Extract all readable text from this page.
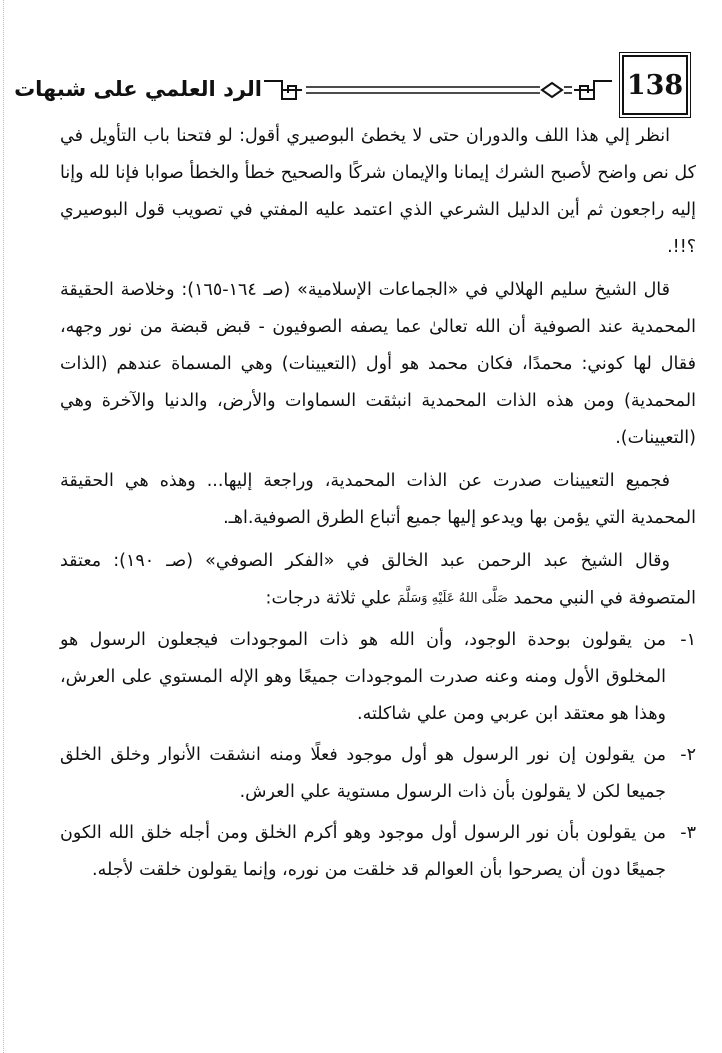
138
الرد العلمي على شبهات

انظر إلي هذا اللف والدوران حتى لا يخطئ البوصيري أقول: لو فتحنا باب التأويل في كل نص واضح لأصبح الشرك إيمانا والإيمان شركًا والصحيح خطأ والخطأ صوابا فإنا لله وإنا إليه راجعون ثم أين الدليل الشرعي الذي اعتمد عليه المفتي في تصويب قول البوصيري ؟!!.

قال الشيخ سليم الهلالي في «الجماعات الإسلامية» (صـ ١٦٤-١٦٥): وخلاصة الحقيقة المحمدية عند الصوفية أن الله تعالىٰ عما يصفه الصوفيون - قبض قبضة من نور وجهه، فقال لها كوني: محمدًا، فكان محمد هو أول (التعيينات) وهي المسماة عندهم (الذات المحمدية) ومن هذه الذات المحمدية انبثقت السماوات والأرض، والدنيا والآخرة وهي (التعيينات).

فجميع التعيينات صدرت عن الذات المحمدية، وراجعة إليها... وهذه هي الحقيقة المحمدية التي يؤمن بها ويدعو إليها جميع أتباع الطرق الصوفية.اهـ.

وقال الشيخ عبد الرحمن عبد الخالق في «الفكر الصوفي» (صـ ١٩٠): معتقد المتصوفة في النبي محمد صَلَّى اللهُ عَلَيْهِ وَسَلَّمَ علي ثلاثة درجات:

١-
من يقولون بوحدة الوجود، وأن الله هو ذات الموجودات فيجعلون الرسول هو المخلوق الأول ومنه وعنه صدرت الموجودات جميعًا وهو الإله المستوي على العرش، وهذا هو معتقد ابن عربي ومن علي شاكلته.
٢-
من يقولون إن نور الرسول هو أول موجود فعلًا ومنه انشقت الأنوار وخلق الخلق جميعا لكن لا يقولون بأن ذات الرسول مستوية علي العرش.
٣-
من يقولون بأن نور الرسول أول موجود وهو أكرم الخلق ومن أجله خلق الله الكون جميعًا دون أن يصرحوا بأن العوالم قد خلقت من نوره، وإنما يقولون خلقت لأجله.
